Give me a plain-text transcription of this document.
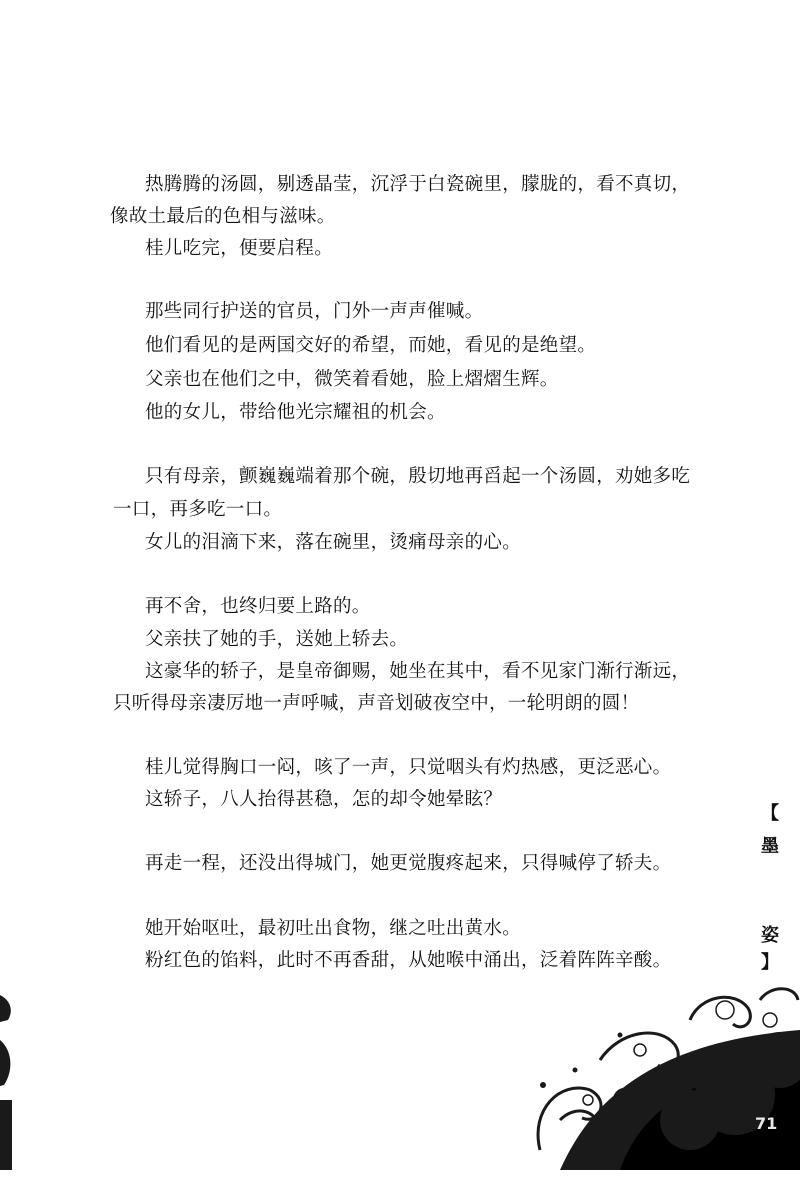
热腾腾的汤圆，剔透晶莹，沉浮于白瓷碗里，朦胧的，看不真切，

像故土最后的色相与滋味。

桂儿吃完，便要启程。

那些同行护送的官员，门外一声声催喊。

他们看见的是两国交好的希望，而她，看见的是绝望。

父亲也在他们之中，微笑着看她，脸上熠熠生辉。

他的女儿，带给他光宗耀祖的机会。

只有母亲，颤巍巍端着那个碗，殷切地再舀起一个汤圆，劝她多吃

一口，再多吃一口。

女儿的泪滴下来，落在碗里，烫痛母亲的心。

再不舍，也终归要上路的。

父亲扶了她的手，送她上轿去。

这豪华的轿子，是皇帝御赐，她坐在其中，看不见家门渐行渐远，

只听得母亲凄厉地一声呼喊，声音划破夜空中，一轮明朗的圆！

桂儿觉得胸口一闷，咳了一声，只觉咽头有灼热感，更泛恶心。

这轿子，八人抬得甚稳，怎的却令她晕眩？

再走一程，还没出得城门，她更觉腹疼起来，只得喊停了轿夫。

她开始呕吐，最初吐出食物，继之吐出黄水。

粉红色的馅料，此时不再香甜，从她喉中涌出，泛着阵阵辛酸。

【
墨
姿
】
71
